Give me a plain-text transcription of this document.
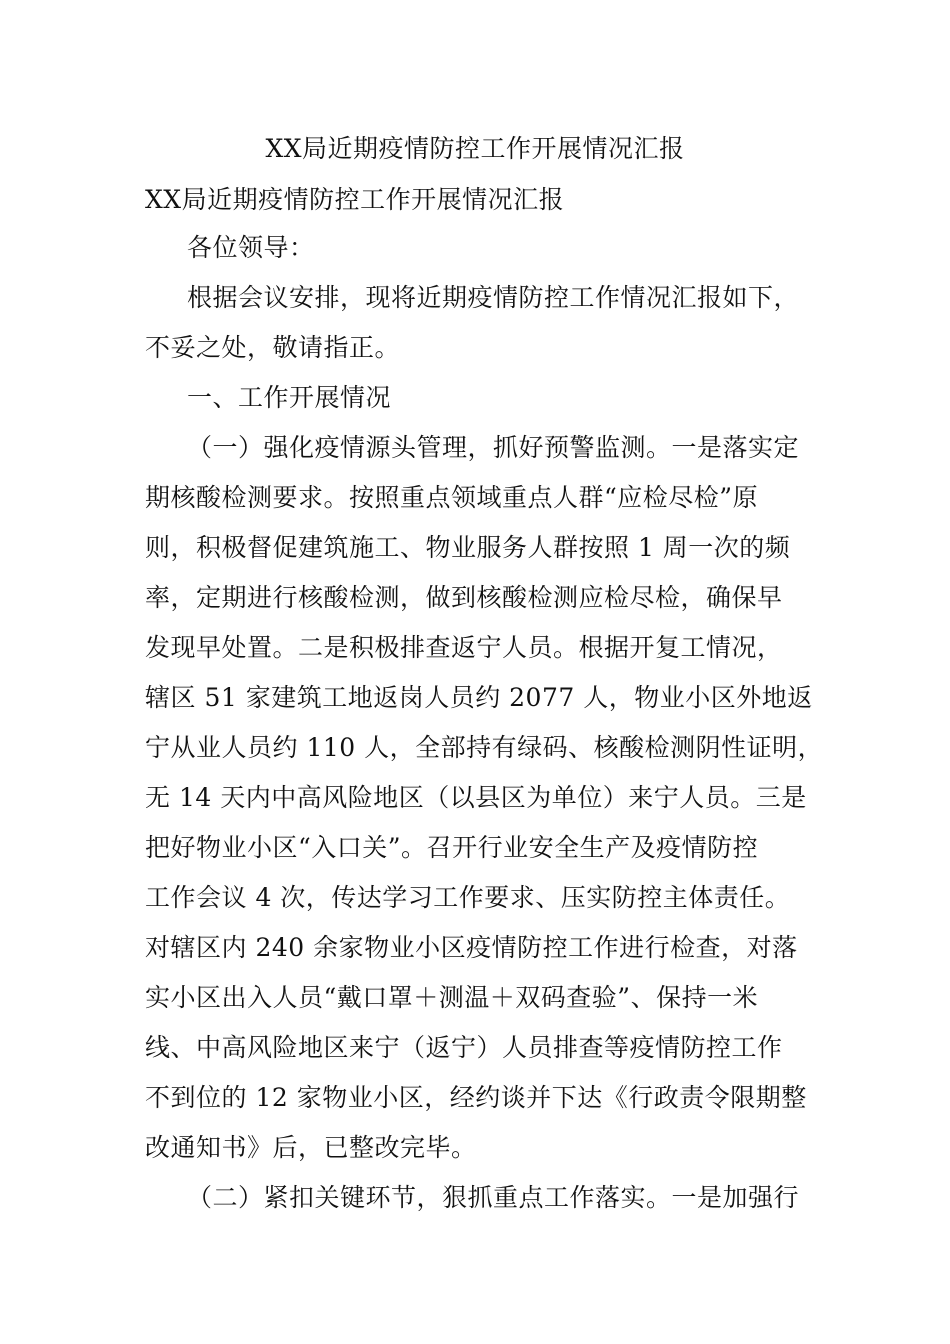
XX局近期疫情防控工作开展情况汇报
XX局近期疫情防控工作开展情况汇报
各位领导：
根据会议安排，现将近期疫情防控工作情况汇报如下，
不妥之处，敬请指正。
一、工作开展情况
（一）强化疫情源头管理，抓好预警监测。一是落实定
期核酸检测要求。按照重点领域重点人群“应检尽检”原
则，积极督促建筑施工、物业服务人群按照 1 周一次的频
率，定期进行核酸检测，做到核酸检测应检尽检，确保早
发现早处置。二是积极排查返宁人员。根据开复工情况，
辖区 51 家建筑工地返岗人员约 2077 人，物业小区外地返
宁从业人员约 110 人，全部持有绿码、核酸检测阴性证明，
无 14 天内中高风险地区（以县区为单位）来宁人员。三是
把好物业小区“入口关”。召开行业安全生产及疫情防控
工作会议 4 次，传达学习工作要求、压实防控主体责任。
对辖区内 240 余家物业小区疫情防控工作进行检查，对落
实小区出入人员“戴口罩＋测温＋双码查验”、保持一米
线、中高风险地区来宁（返宁）人员排查等疫情防控工作
不到位的 12 家物业小区，经约谈并下达《行政责令限期整
改通知书》后，已整改完毕。
（二）紧扣关键环节，狠抓重点工作落实。一是加强行
